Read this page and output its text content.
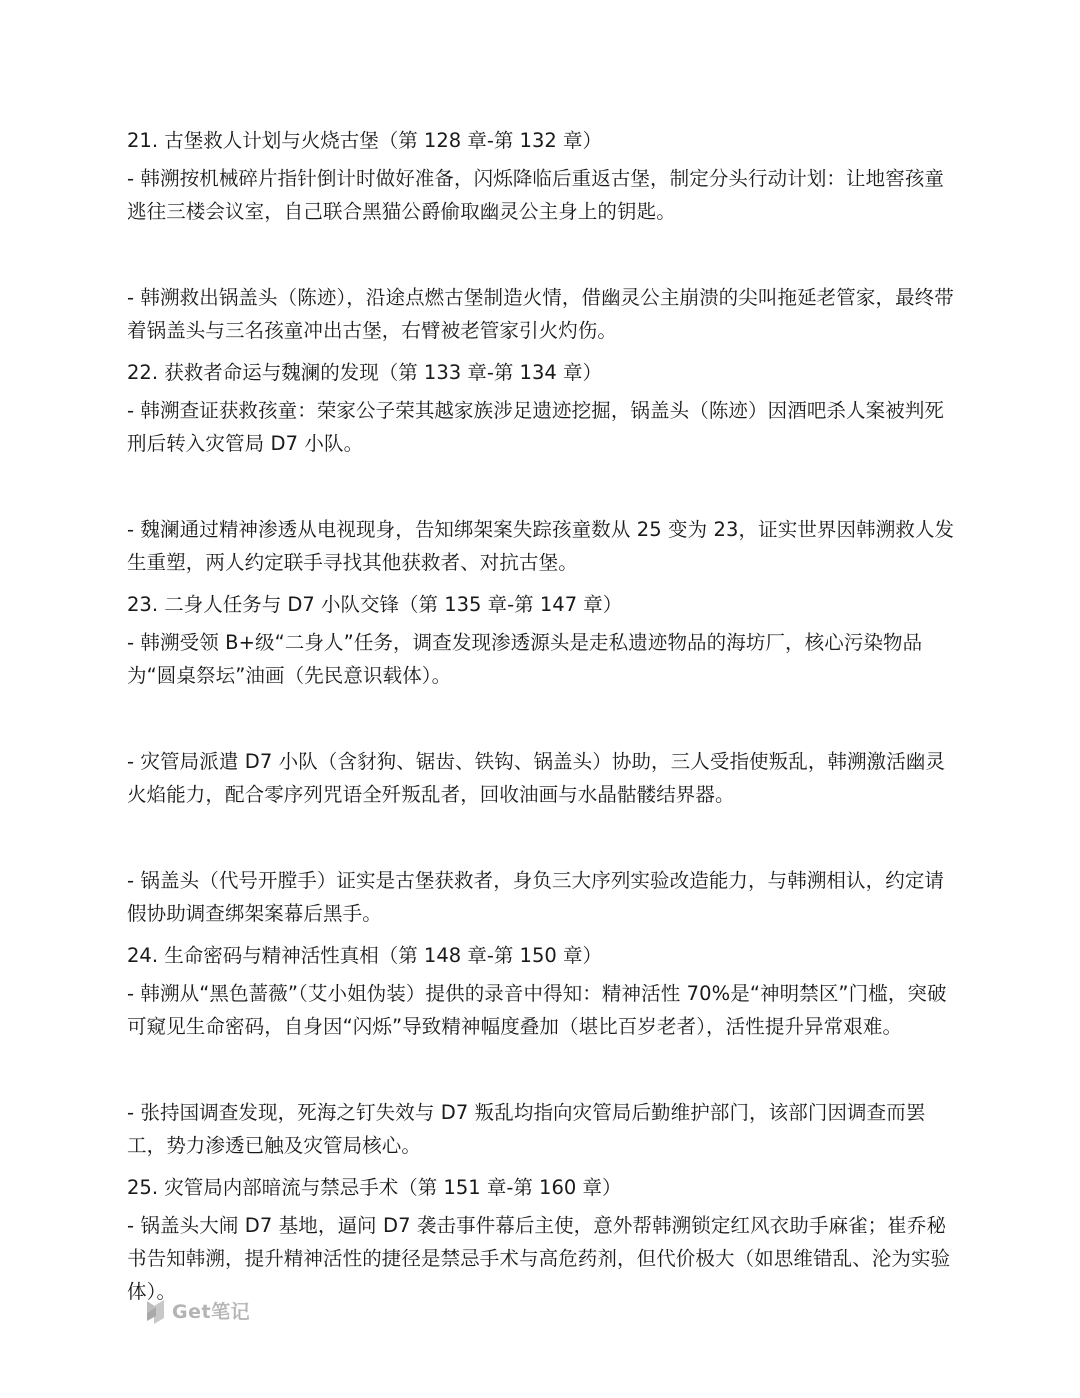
21. 古堡救人计划与火烧古堡（第 128 章-第 132 章）

- 韩溯按机械碎片指针倒计时做好准备，闪烁降临后重返古堡，制定分头行动计划：让地窖孩童逃往三楼会议室，自己联合黑猫公爵偷取幽灵公主身上的钥匙。

- 韩溯救出锅盖头（陈迹），沿途点燃古堡制造火情，借幽灵公主崩溃的尖叫拖延老管家，最终带着锅盖头与三名孩童冲出古堡，右臂被老管家引火灼伤。

22. 获救者命运与魏澜的发现（第 133 章-第 134 章）

- 韩溯查证获救孩童：荣家公子荣其越家族涉足遗迹挖掘，锅盖头（陈迹）因酒吧杀人案被判死刑后转入灾管局 D7 小队。

- 魏澜通过精神渗透从电视现身，告知绑架案失踪孩童数从 25 变为 23，证实世界因韩溯救人发生重塑，两人约定联手寻找其他获救者、对抗古堡。

23. 二身人任务与 D7 小队交锋（第 135 章-第 147 章）

- 韩溯受领 B+级“二身人”任务，调查发现渗透源头是走私遗迹物品的海坊厂，核心污染物品为“圆桌祭坛”油画（先民意识载体）。

- 灾管局派遣 D7 小队（含豺狗、锯齿、铁钩、锅盖头）协助，三人受指使叛乱，韩溯激活幽灵火焰能力，配合零序列咒语全歼叛乱者，回收油画与水晶骷髅结界器。

- 锅盖头（代号开膛手）证实是古堡获救者，身负三大序列实验改造能力，与韩溯相认，约定请假协助调查绑架案幕后黑手。

24. 生命密码与精神活性真相（第 148 章-第 150 章）

- 韩溯从“黑色蔷薇”（艾小姐伪装）提供的录音中得知：精神活性 70%是“神明禁区”门槛，突破可窥见生命密码，自身因“闪烁”导致精神幅度叠加（堪比百岁老者），活性提升异常艰难。

- 张持国调查发现，死海之钉失效与 D7 叛乱均指向灾管局后勤维护部门，该部门因调查而罢工，势力渗透已触及灾管局核心。

25. 灾管局内部暗流与禁忌手术（第 151 章-第 160 章）

- 锅盖头大闹 D7 基地，逼问 D7 袭击事件幕后主使，意外帮韩溯锁定红风衣助手麻雀；崔乔秘书告知韩溯，提升精神活性的捷径是禁忌手术与高危药剂，但代价极大（如思维错乱、沦为实验体）。

Get笔记
